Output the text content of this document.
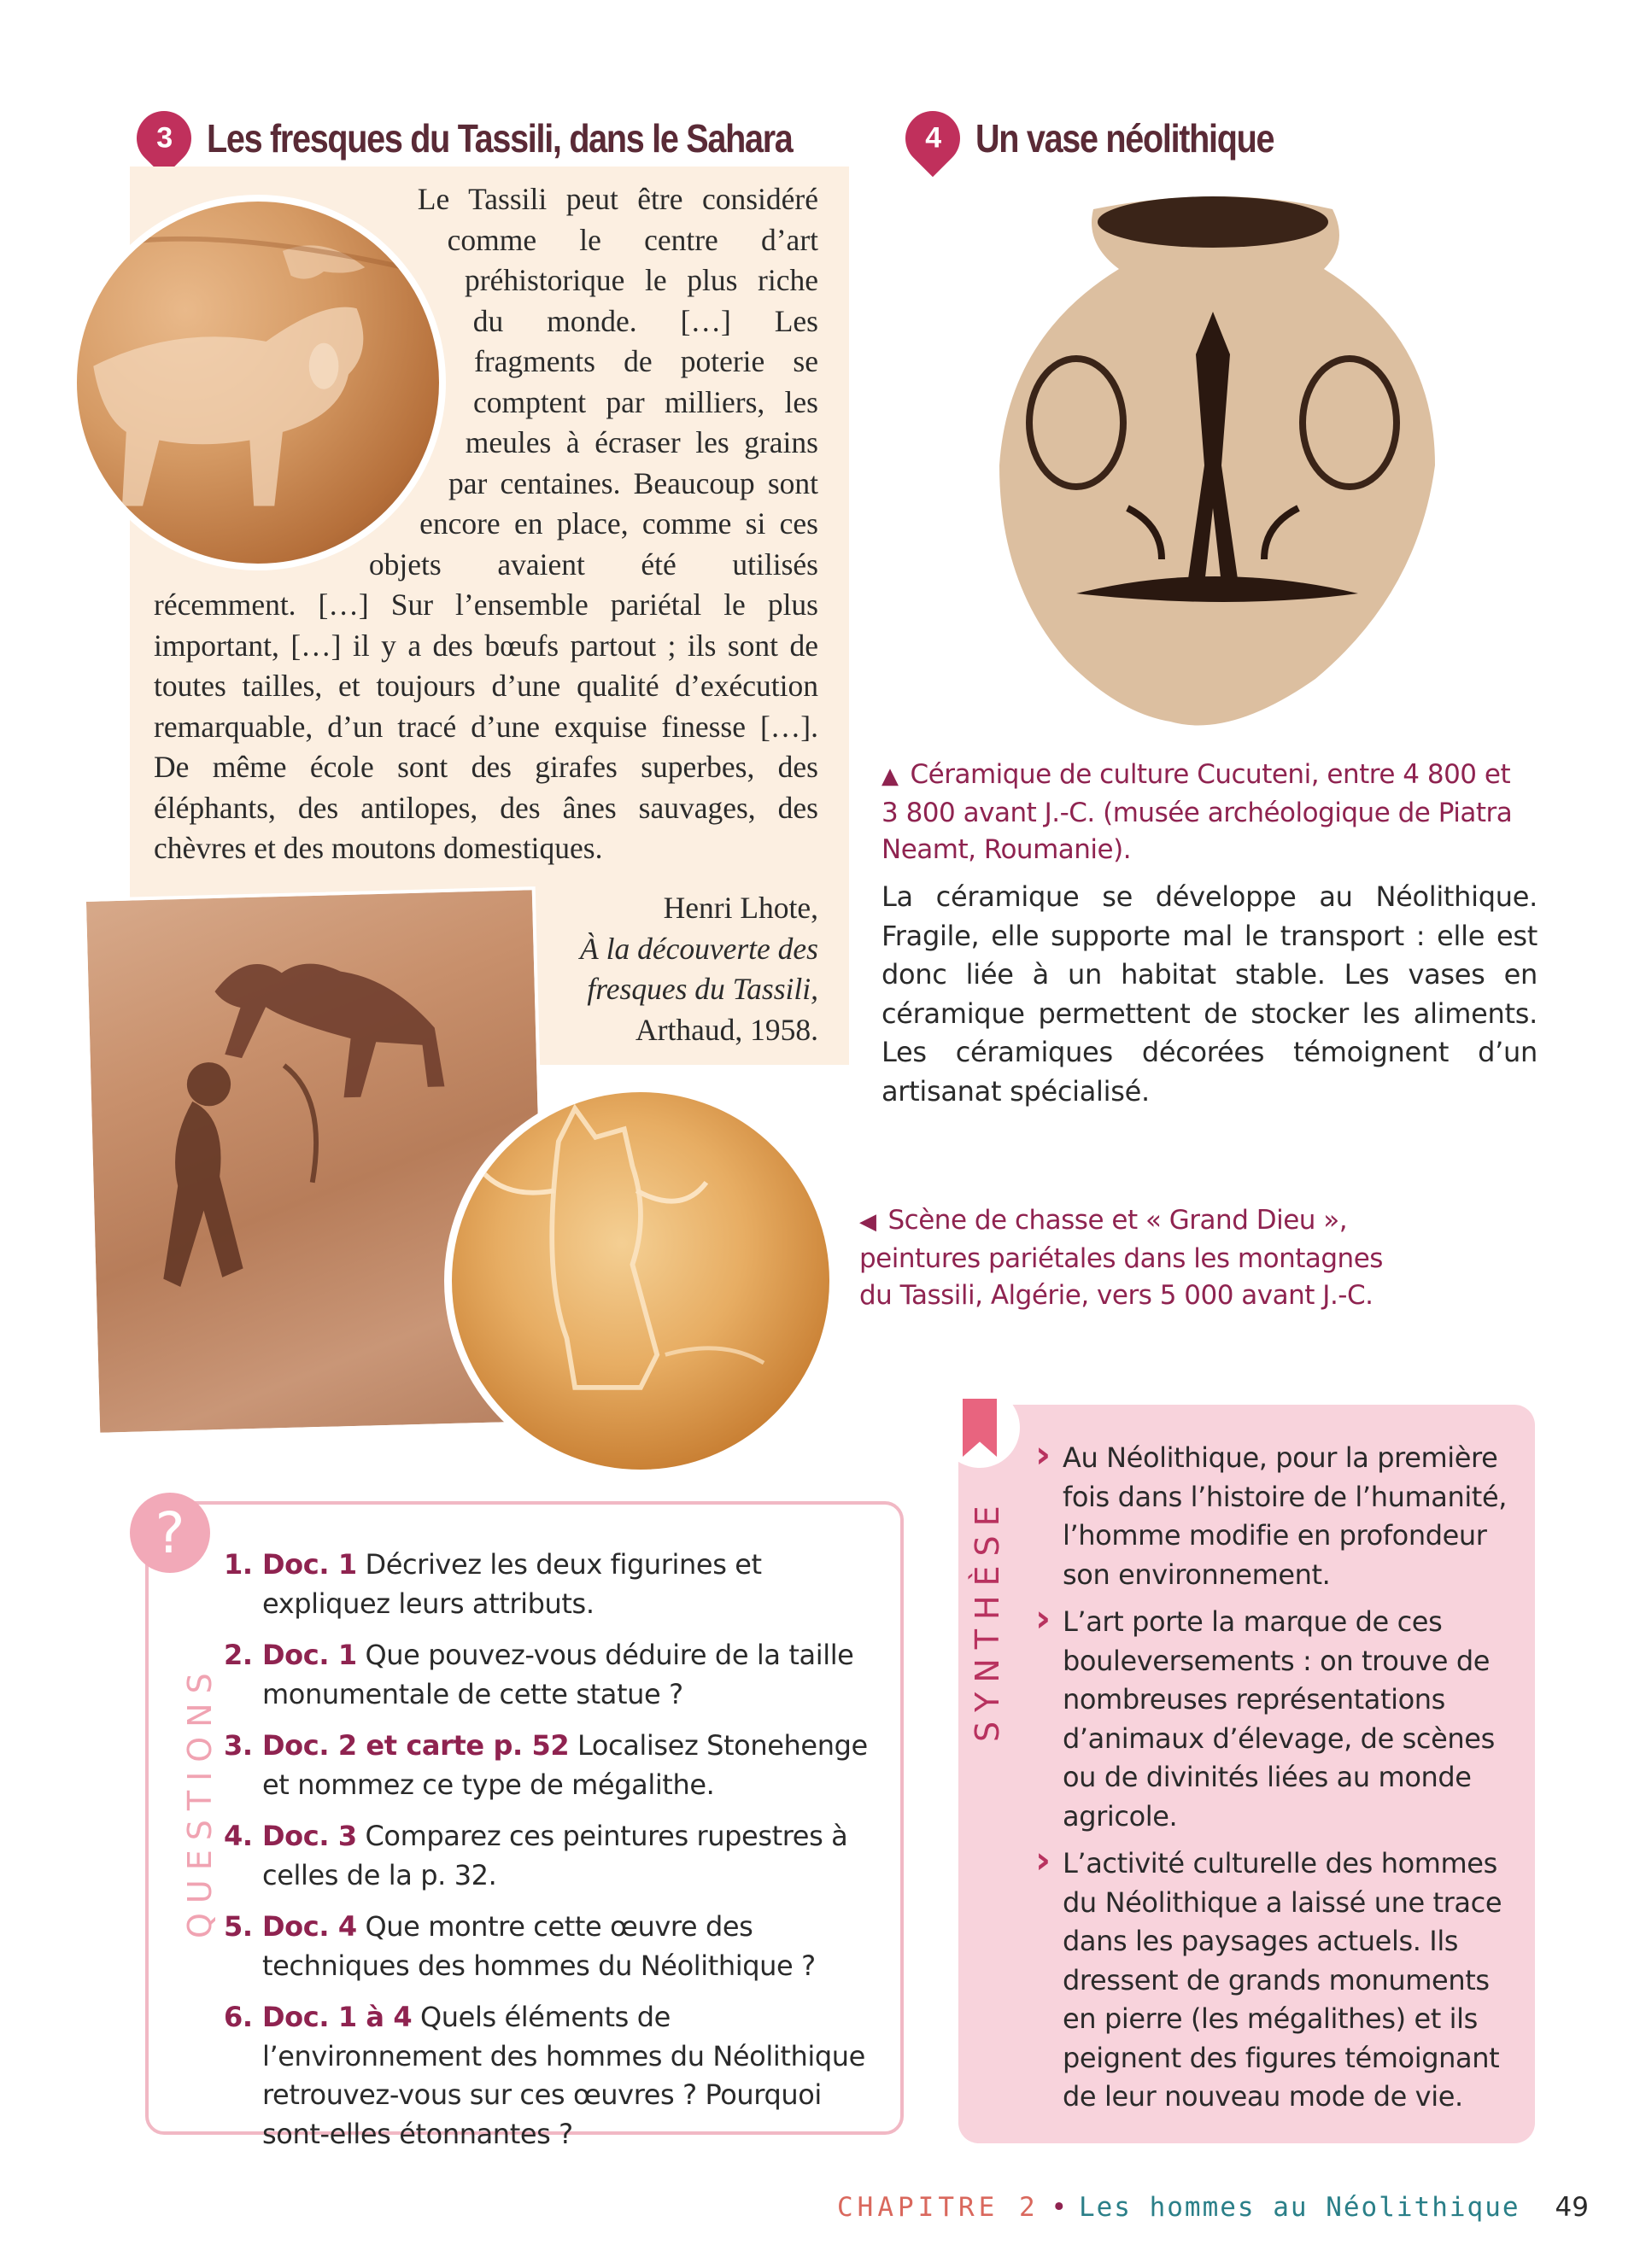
3 Les fresques du Tassili, dans le Sahara	4 Un vase néolithique
Le Tassili peut être considéré comme le centre d’art préhistorique le plus riche du monde. […] Les fragments de poterie se comptent par milliers, les meules à écraser les grains par centaines. Beaucoup sont encore en place, comme si ces objets avaient été utilisés récemment. […] Sur l’ensemble pariétal le plus important, […] il y a des bœufs partout ; ils sont de toutes tailles, et toujours d’une qualité d’exécution remarquable, d’un tracé d’une exquise finesse […]. De même école sont des girafes superbes, des éléphants, des antilopes, des ânes sauvages, des chèvres et des moutons domestiques.
Henri Lhote,
À la découverte des fresques du Tassili,
Arthaud, 1958.
◀ Scène de chasse et « Grand Dieu », peintures pariétales dans les montagnes du Tassili, Algérie, vers 5 000 avant J.-C.
▲ Céramique de culture Cucuteni, entre 4 800 et 3 800 avant J.-C. (musée archéologique de Piatra Neamt, Roumanie).
La céramique se développe au Néolithique. Fragile, elle supporte mal le transport : elle est donc liée à un habitat stable. Les vases en céramique permettent de stocker les aliments. Les céramiques décorées témoignent d’un artisanat spécialisé.
?
QUESTIONS
1. Doc. 1 Décrivez les deux figurines et expliquez leurs attributs.
2. Doc. 1 Que pouvez-vous déduire de la taille monumentale de cette statue ?
3. Doc. 2 et carte p. 52 Localisez Stonehenge et nommez ce type de mégalithe.
4. Doc. 3 Comparez ces peintures rupestres à celles de la p. 32.
5. Doc. 4 Que montre cette œuvre des techniques des hommes du Néolithique ?
6. Doc. 1 à 4 Quels éléments de l’environnement des hommes du Néolithique retrouvez-vous sur ces œuvres ? Pourquoi sont-elles étonnantes ?
SYNTHÈSE
› Au Néolithique, pour la première fois dans l’histoire de l’humanité, l’homme modifie en profondeur son environnement.
› L’art porte la marque de ces bouleversements : on trouve de nombreuses représentations d’animaux d’élevage, de scènes ou de divinités liées au monde agricole.
› L’activité culturelle des hommes du Néolithique a laissé une trace dans les paysages actuels. Ils dressent de grands monuments en pierre (les mégalithes) et ils peignent des figures témoignant de leur nouveau mode de vie.
CHAPITRE 2 • Les hommes au Néolithique 49
